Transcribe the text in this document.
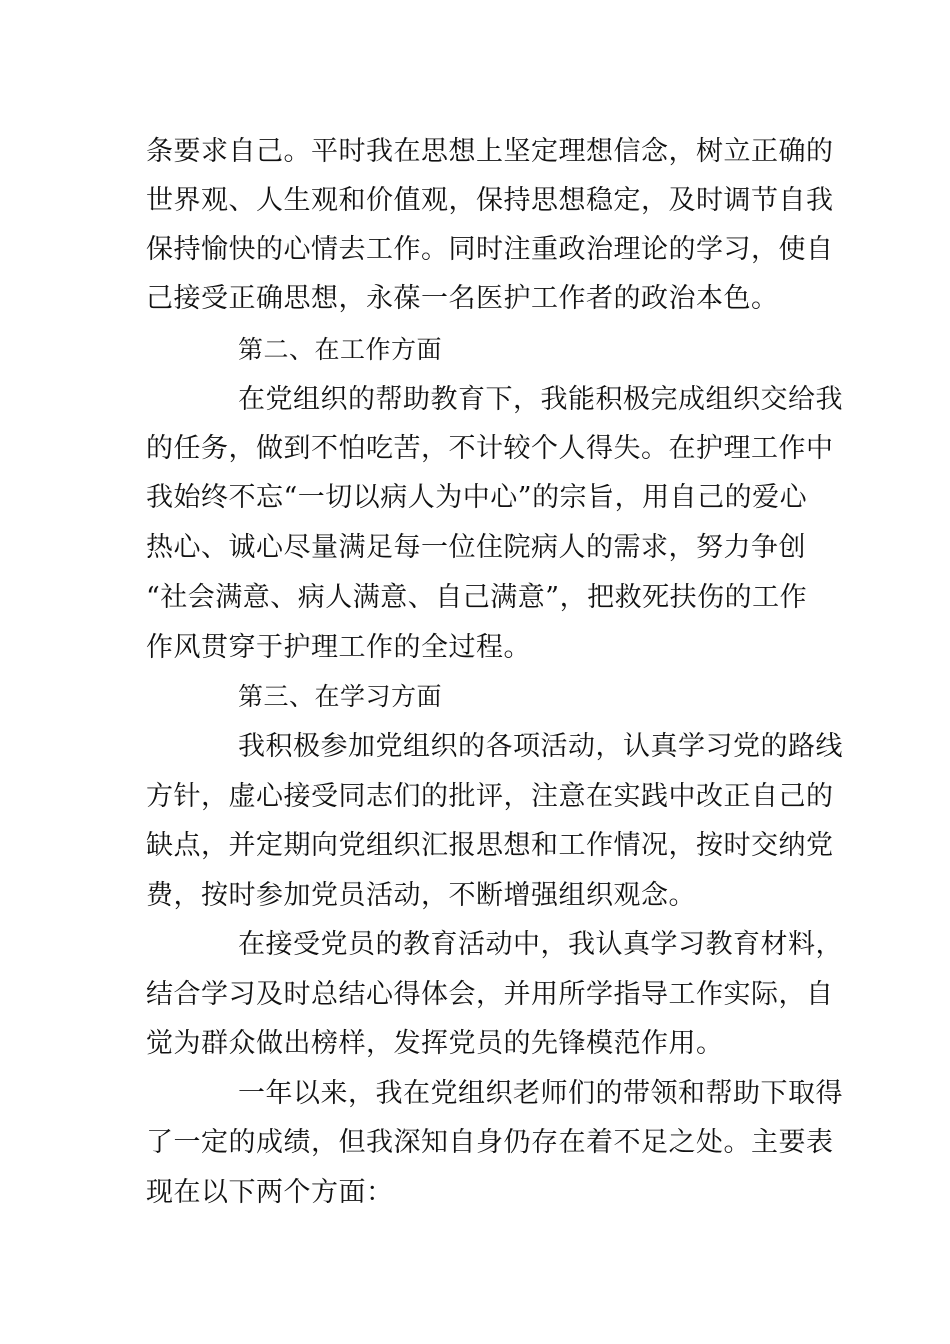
条要求自己。平时我在思想上坚定理想信念，树立正确的
世界观、人生观和价值观，保持思想稳定，及时调节自我
保持愉快的心情去工作。同时注重政治理论的学习，使自
己接受正确思想，永葆一名医护工作者的政治本色。
第二、在工作方面
在党组织的帮助教育下，我能积极完成组织交给我
的任务，做到不怕吃苦，不计较个人得失。在护理工作中
我始终不忘“一切以病人为中心”的宗旨，用自己的爱心
热心、诚心尽量满足每一位住院病人的需求，努力争创
“社会满意、病人满意、自己满意”，把救死扶伤的工作
作风贯穿于护理工作的全过程。
第三、在学习方面
我积极参加党组织的各项活动，认真学习党的路线
方针，虚心接受同志们的批评，注意在实践中改正自己的
缺点，并定期向党组织汇报思想和工作情况，按时交纳党
费，按时参加党员活动，不断增强组织观念。
在接受党员的教育活动中，我认真学习教育材料，
结合学习及时总结心得体会，并用所学指导工作实际，自
觉为群众做出榜样，发挥党员的先锋模范作用。
一年以来，我在党组织老师们的带领和帮助下取得
了一定的成绩，但我深知自身仍存在着不足之处。主要表
现在以下两个方面：
